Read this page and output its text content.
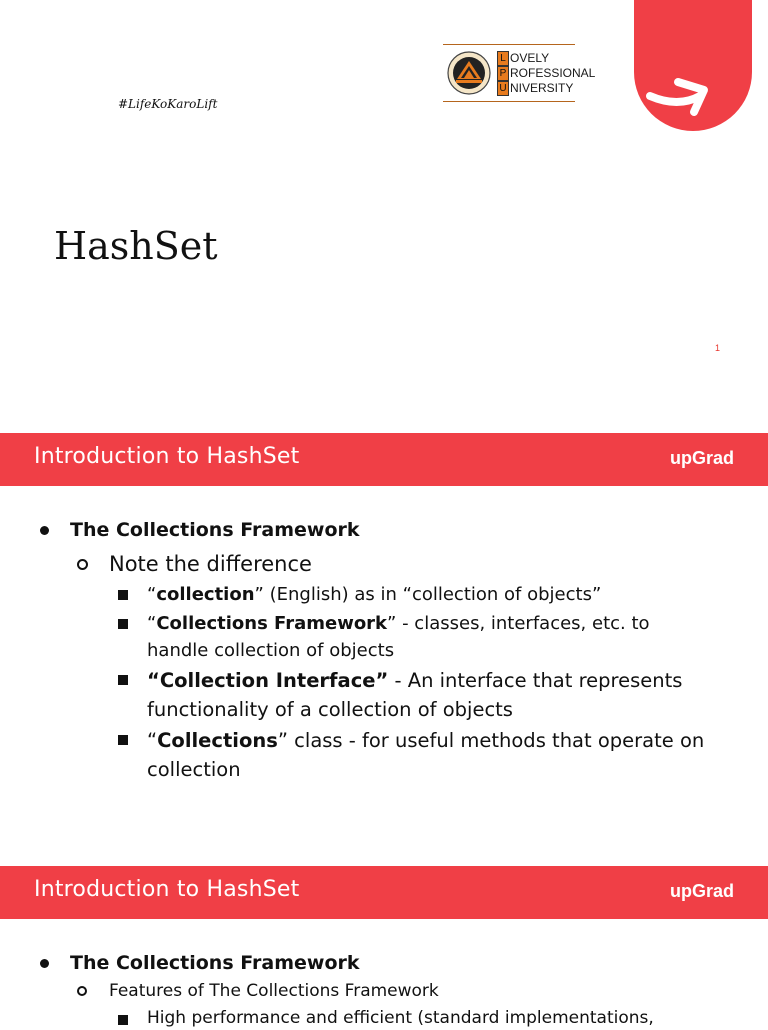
#LifeKoKaroLift
L OVELY
P ROFESSIONAL
U NIVERSITY
HashSet
1
Introduction to HashSet	upGrad
The Collections Framework
Note the difference
“collection” (English) as in “collection of objects”
“Collections Framework” - classes, interfaces, etc. to handle collection of objects
“Collection Interface” - An interface that represents functionality of a collection of objects
“Collections” class - for useful methods that operate on collection
Introduction to HashSet	upGrad
The Collections Framework
Features of The Collections Framework
High performance and efficient (standard implementations,
